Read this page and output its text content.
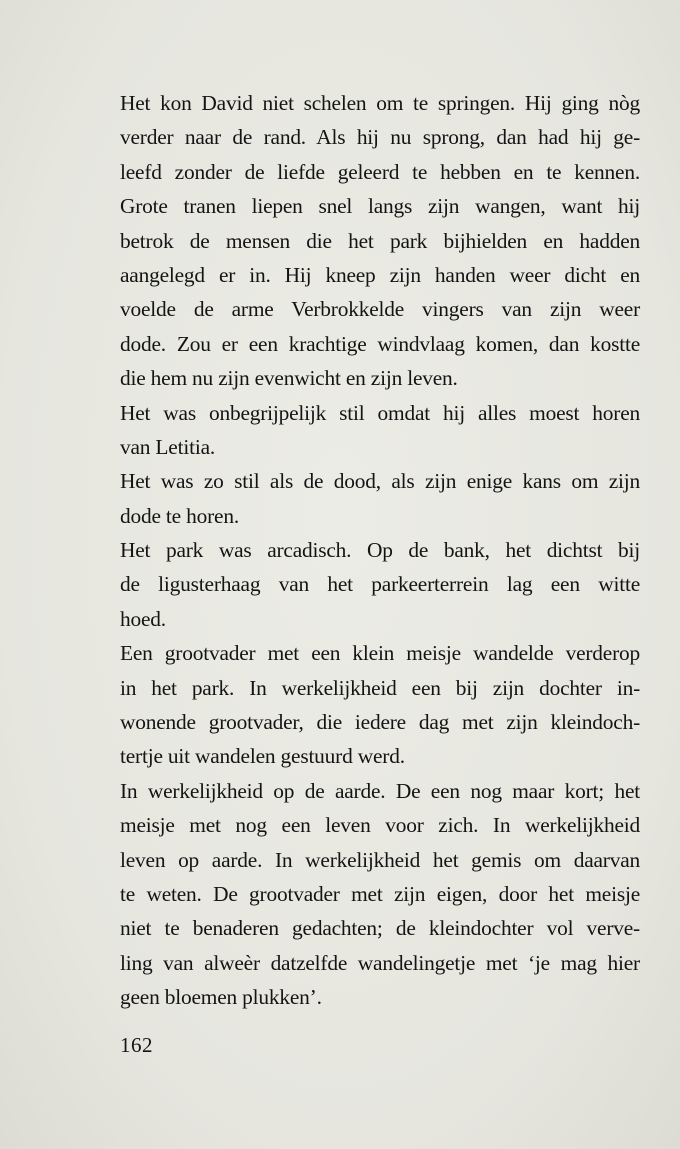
Het kon David niet schelen om te springen. Hij ging nòg
verder naar de rand. Als hij nu sprong, dan had hij ge-
leefd zonder de liefde geleerd te hebben en te kennen.
Grote tranen liepen snel langs zijn wangen, want hij
betrok de mensen die het park bijhielden en hadden
aangelegd er in. Hij kneep zijn handen weer dicht en
voelde de arme Verbrokkelde vingers van zijn weer
dode. Zou er een krachtige windvlaag komen, dan kostte
die hem nu zijn evenwicht en zijn leven.
Het was onbegrijpelijk stil omdat hij alles moest horen
van Letitia.
Het was zo stil als de dood, als zijn enige kans om zijn
dode te horen.
Het park was arcadisch. Op de bank, het dichtst bij
de ligusterhaag van het parkeerterrein lag een witte
hoed.
Een grootvader met een klein meisje wandelde verderop
in het park. In werkelijkheid een bij zijn dochter in-
wonende grootvader, die iedere dag met zijn kleindoch-
tertje uit wandelen gestuurd werd.
In werkelijkheid op de aarde. De een nog maar kort; het
meisje met nog een leven voor zich. In werkelijkheid
leven op aarde. In werkelijkheid het gemis om daarvan
te weten. De grootvader met zijn eigen, door het meisje
niet te benaderen gedachten; de kleindochter vol verve-
ling van alweèr datzelfde wandelingetje met ‘je mag hier
geen bloemen plukken’.
162
